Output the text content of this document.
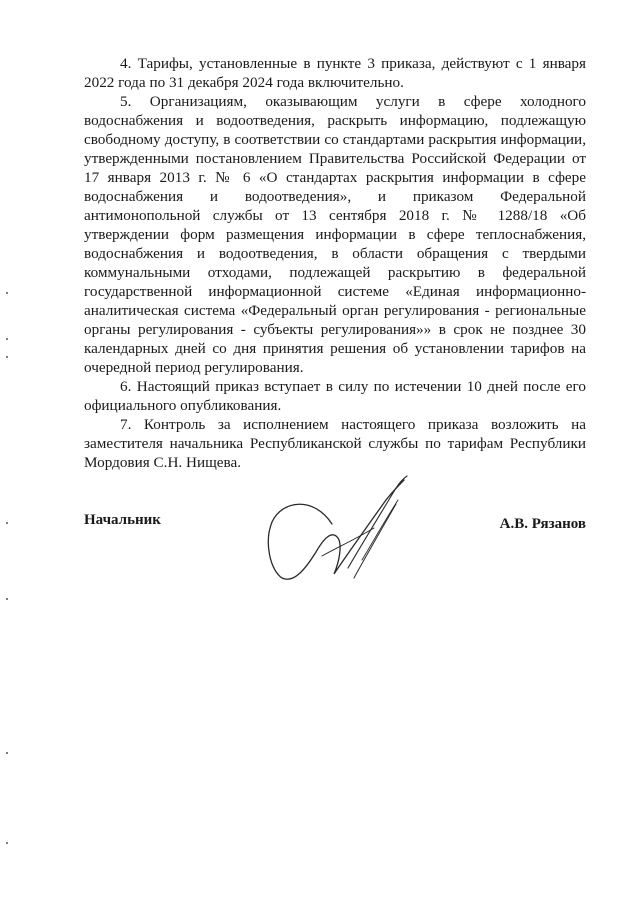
4. Тарифы, установленные в пункте 3 приказа, действуют с 1 января 2022 года по 31 декабря 2024 года включительно.

5. Организациям, оказывающим услуги в сфере холодного водоснабжения и водоотведения, раскрыть информацию, подлежащую свободному доступу, в соответствии со стандартами раскрытия информации, утвержденными постановлением Правительства Российской Федерации от 17 января 2013 г. № 6 «О стандартах раскрытия информации в сфере водоснабжения и водоотведения», и приказом Федеральной антимонопольной службы от 13 сентября 2018 г. № 1288/18 «Об утверждении форм размещения информации в сфере теплоснабжения, водоснабжения и водоотведения, в области обращения с твердыми коммунальными отходами, подлежащей раскрытию в федеральной государственной информационной системе «Единая информационно-аналитическая система «Федеральный орган регулирования - региональные органы регулирования - субъекты регулирования»» в срок не позднее 30 календарных дней со дня принятия решения об установлении тарифов на очередной период регулирования.

6. Настоящий приказ вступает в силу по истечении 10 дней после его официального опубликования.

7. Контроль за исполнением настоящего приказа возложить на заместителя начальника Республиканской службы по тарифам Республики Мордовия С.Н. Нищева.

Начальник	А.В. Рязанов
